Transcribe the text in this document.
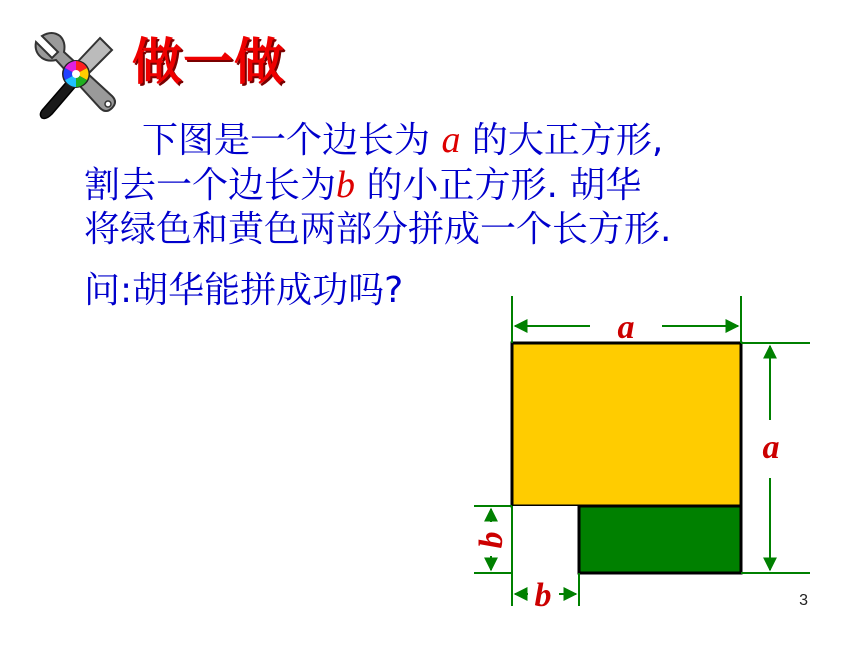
做一做
下图是一个边长为 a 的大正方形,
割去一个边长为b 的小正方形. 胡华
将绿色和黄色两部分拼成一个长方形.
问:胡华能拼成功吗?
a
a
b
b	3
